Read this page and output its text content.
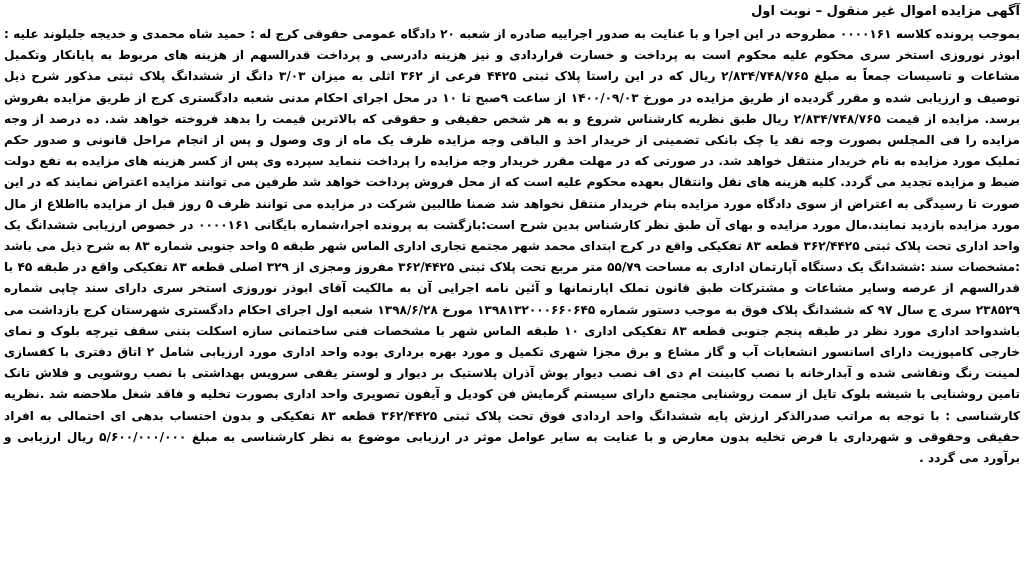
آگهی مزایده اموال غیر منقول – نوبت اول

بموجب پرونده کلاسه ۰۰۰۰۱۶۱ مطروحه در این اجرا و با عنایت به صدور اجراییه صادره از شعبه ۲۰ دادگاه عمومی حقوقی کرج له : حمید شاه محمدی و خدیجه جلیلوند علیه : ابوذر نوروزی استخر سری محکوم علیه محکوم است به پرداخت و خسارت قراردادی و نیز هزینه دادرسی و پرداخت قدرالسهم از هزینه های مربوط به پایانکار وتکمیل مشاعات و تاسیسات جمعاً به مبلغ ۲/۸۳۴/۷۴۸/۷۶۵ ریال که در این راستا پلاک ثبتی ۴۴۲۵ فرعی از ۳۶۲ اثلی به میزان ۳/۰۳ دانگ از ششدانگ پلاک ثبتی مذکور شرح ذیل توصیف و ارزیابی شده و مقرر گردیده از طریق مزایده در مورخ ۱۴۰۰/۰۹/۰۳ از ساعت ۹صبح تا ۱۰ در محل اجرای احکام مدنی شعبه دادگستری کرج از طریق مزایده بفروش برسد. مزایده از قیمت ۲/۸۳۴/۷۴۸/۷۶۵ ریال طبق نظریه کارشناس شروع و به هر شخص حقیقی و حقوقی که بالاترین قیمت را بدهد فروخته خواهد شد. ده درصد از وجه مزایده را فی المجلس بصورت وجه نقد یا چک بانکی تضمینی از خریدار اخذ و الباقی وجه مزایده ظرف یک ماه از وی وصول و پس از انجام مراحل قانونی و صدور حکم تملیک مورد مزایده به نام خریدار منتقل خواهد شد. در صورتی که در مهلت مقرر خریدار وجه مزایده را پرداخت ننماید سپرده وی پس از کسر هزینه های مزایده به نفع دولت ضبط و مزایده تجدید می گردد. کلیه هزینه های نقل وانتقال بعهده محکوم علیه است که از محل فروش پرداخت خواهد شد طرفین می توانند مزایده اعتراض نمایند که در این صورت تا رسیدگی به اعتراض از سوی دادگاه مورد مزایده بنام خریدار منتقل نخواهد شد ضمنا طالبین شرکت در مزایده می توانند ظرف ۵ روز قبل از مزایده بااطلاع از مال مورد مزایده بازدید نمایند.مال مورد مزایده و بهای آن طبق نظر کارشناس بدین شرح است:بازگشت به پرونده اجرا،شماره بایگانی ۰۰۰۰۱۶۱ در خصوص ارزیابی ششدانگ یک واحد اداری تحت پلاک ثبتی ۳۶۲/۴۴۲۵ قطعه ۸۳ تفکیکی واقع در کرج ابتدای محمد شهر مجتمع تجاری اداری الماس شهر طبقه ۵ واحد جنوبی شماره ۸۳ به شرح ذیل می باشد :مشخصات سند :ششدانگ یک دستگاه آپارتمان اداری به مساحت ۵۵/۷۹ متر مربع تحت پلاک ثبتی ۳۶۲/۴۴۲۵ مفروز ومجزی از ۳۲۹ اصلی قطعه ۸۳ تفکیکی واقع در طبقه ۴۵ با قدرالسهم از عرصه وسایر مشاعات و مشترکات طبق قانون تملک اپارتمانها و آئین نامه اجرایی آن به مالکیت آقای ابوذر نوروزی استخر سری دارای سند چاپی شماره ۲۳۸۵۲۹ سری ج سال ۹۷ که ششدانگ پلاک فوق به موجب دستور شماره ۱۳۹۸۱۳۲۰۰۰۶۶۰۶۴۵ مورخ ۱۳۹۸/۶/۲۸ شعبه اول اجرای احکام دادگستری شهرستان کرج بازداشت می باشدواحد اداری مورد نظر در طبقه پنجم جنوبی قطعه ۸۳ تفکیکی اداری ۱۰ طبقه الماس شهر با مشخصات فنی ساختمانی سازه اسکلت بتنی سقف تیرچه بلوک و نمای خارجی کامپوزیت دارای اسانسور انشعابات آب و گاز مشاع و برق مجزا شهری تکمیل و مورد بهره برداری بوده واحد اداری مورد ارزیابی شامل ۲ اتاق دفتری با کفسازی لمینت رنگ ونقاشی شده و آبدارخانه با نصب کابینت ام دی اف نصب دیوار پوش آذران پلاستیک بر دیوار و لوستر یقفی سرویس بهداشتی با نصب روشویی و فلاش تانک تامین روشنایی با شیشه بلوک تایل از سمت روشنایی مجتمع دارای سیستم گرمایش فن کودیل و آیفون تصویری واحد اداری بصورت تخلیه و فاقد شغل ملاحضه شد .نظریه کارشناسی : با توجه به مراتب صدرالذکر ارزش پایه ششدانگ واحد اردادی فوق تحت پلاک ثبتی ۳۶۲/۴۴۲۵ قطعه ۸۳ تفکیکی و بدون احتساب بدهی ای احتمالی به افراد حقیقی وحقوقی و شهرداری با فرض تخلیه بدون معارض و با عنایت به سایر عوامل موثر در ارزیابی موضوع به نظر کارشناسی به مبلغ ۵/۶۰۰/۰۰۰/۰۰۰ ریال ارزیابی و برآورد می گردد .
